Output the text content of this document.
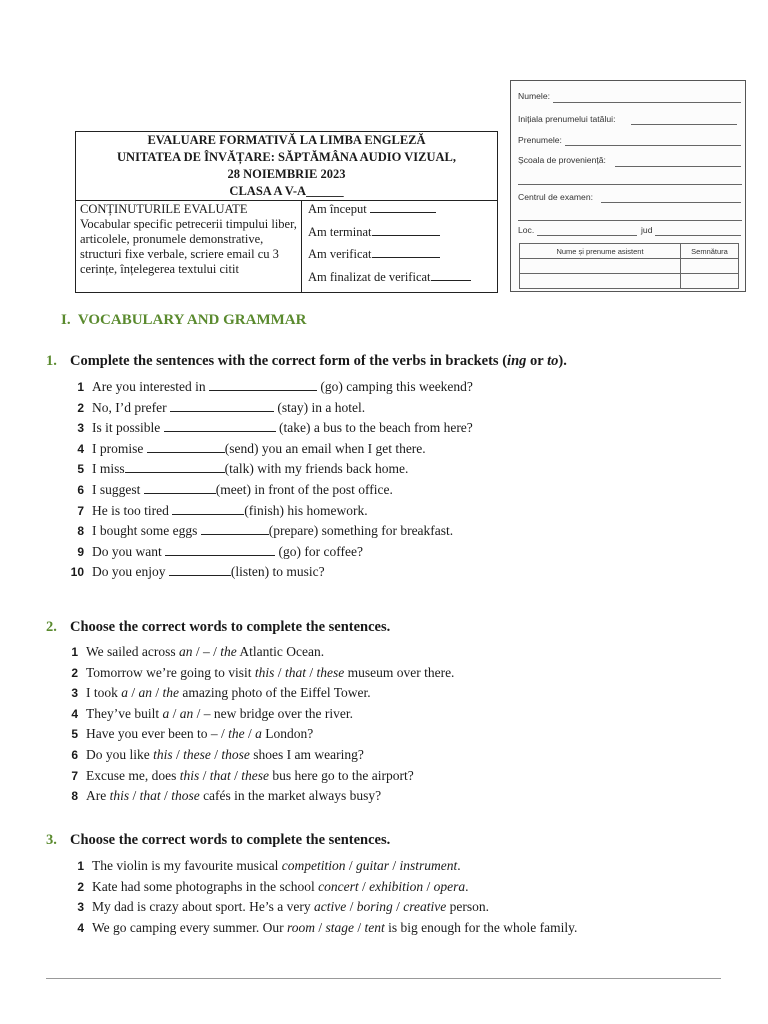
EVALUARE FORMATIVĂ LA LIMBA ENGLEZĂ
UNITATEA DE ÎNVĂȚARE: SĂPTĂMÂNA AUDIO VIZUAL,
28 NOIEMBRIE 2023
CLASA A V-A______
CONȚINUTURILE EVALUATE
Vocabular specific petrecerii timpului liber, articolele, pronumele demonstrative, structuri fixe verbale, scriere email cu 3 cerințe, înțelegerea textului citit
Am început
Am terminat
Am verificat
Am finalizat de verificat
Numele:
Inițiala prenumelui tatălui:
Prenumele:
Școala de proveniență:
Centrul de examen:
Loc.	jud
Nume și prenume asistent	Semnătura

I. VOCABULARY AND GRAMMAR
1. Complete the sentences with the correct form of the verbs in brackets (ing or to).
1 Are you interested in	(go) camping this weekend?
2 No, I’d prefer	(stay) in a hotel.
3 Is it possible	(take) a bus to the beach from here?
4 I promise	(send) you an email when I get there.
5 I miss	(talk) with my friends back home.
6 I suggest	(meet) in front of the post office.
7 He is too tired	(finish) his homework.
8 I bought some eggs	(prepare) something for breakfast.
9 Do you want	(go) for coffee?
10 Do you enjoy	(listen) to music?
2. Choose the correct words to complete the sentences.
1 We sailed across an / – / the Atlantic Ocean.
2 Tomorrow we’re going to visit this / that / these museum over there.
3 I took a / an / the amazing photo of the Eiffel Tower.
4 They’ve built a / an / – new bridge over the river.
5 Have you ever been to – / the / a London?
6 Do you like this / these / those shoes I am wearing?
7 Excuse me, does this / that / these bus here go to the airport?
8 Are this / that / those cafés in the market always busy?
3. Choose the correct words to complete the sentences.
1 The violin is my favourite musical competition / guitar / instrument.
2 Kate had some photographs in the school concert / exhibition / opera.
3 My dad is crazy about sport. He’s a very active / boring / creative person.
4 We go camping every summer. Our room / stage / tent is big enough for the whole family.
